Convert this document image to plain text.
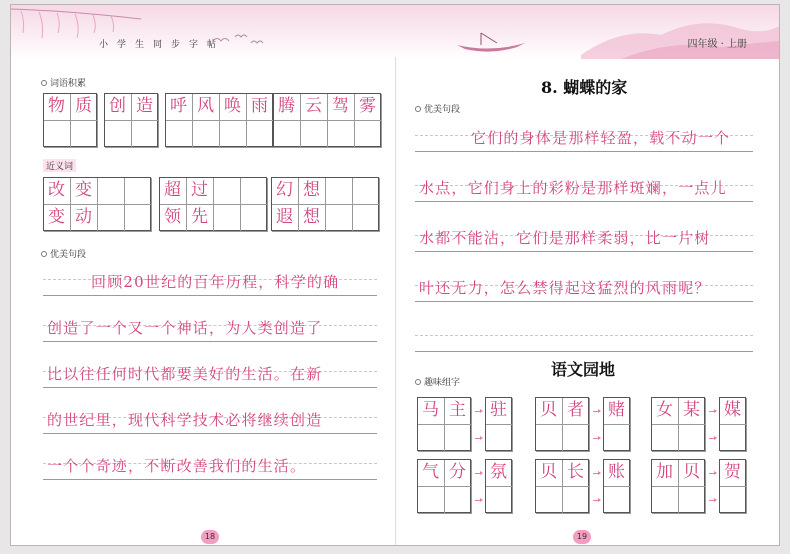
小学生同步字帖	四年级 · 上册
词语积累
物 质 创 造 呼 风 唤 雨 腾 云 驾 雾
近义词
改 变
变 动
超 过
领 先
幻 想
遐 想
优美句段
回顾20世纪的百年历程，科学的确
创造了一个又一个神话，为人类创造了
比以往任何时代都要美好的生活。在新
的世纪里，现代科学技术必将继续创造
一个个奇迹，不断改善我们的生活。
18
8. 蝴蝶的家
优美句段
它们的身体是那样轻盈，载不动一个
水点，它们身上的彩粉是那样斑斓，一点儿
水都不能沾，它们是那样柔弱，比一片树
叶还无力，怎么禁得起这猛烈的风雨呢？
语文园地
趣味组字
马 主 驻 贝 者 赌 女 某 媒
气 分 氛 贝 长 账 加 贝 贺
19
